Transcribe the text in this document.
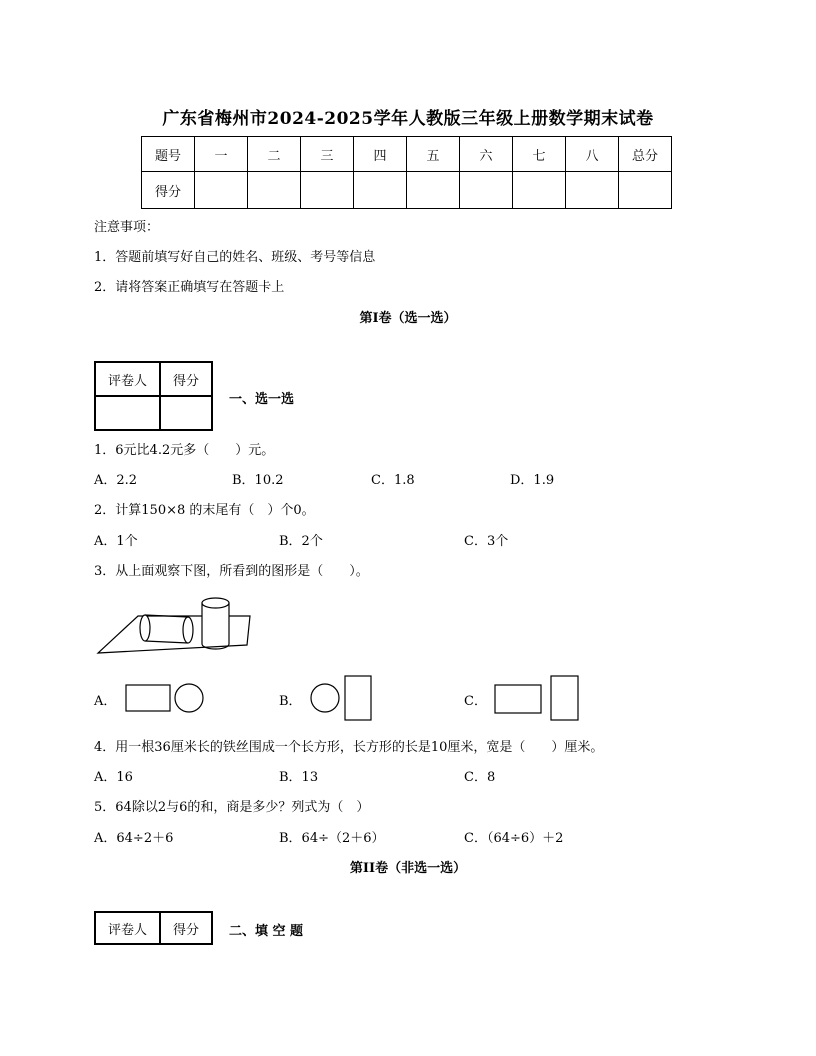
广东省梅州市2024-2025学年人教版三年级上册数学期末试卷
题号	一	二	三	四	五	六	七	八	总分
得分									
注意事项：
1．答题前填写好自己的姓名、班级、考号等信息
2．请将答案正确填写在答题卡上
第I卷（选一选）
评卷人	得分

一、选一选
1．6元比4.2元多（　　）元。
A．2.2	B．10.2	C．1.8	D．1.9
2．计算150×8 的末尾有（　）个0。
A．1个	B．2个	C．3个
3．从上面观察下图，所看到的图形是（　　）。
A．	B．	C．
4．用一根36厘米长的铁丝围成一个长方形，长方形的长是10厘米，宽是（　　）厘米。
A．16	B．13	C．8
5．64除以2与6的和，商是多少？列式为（　）
A．64÷2＋6	B．64÷（2＋6）	C．（64÷6）＋2
第II卷（非选一选）
评卷人	得分 二、填 空 题
